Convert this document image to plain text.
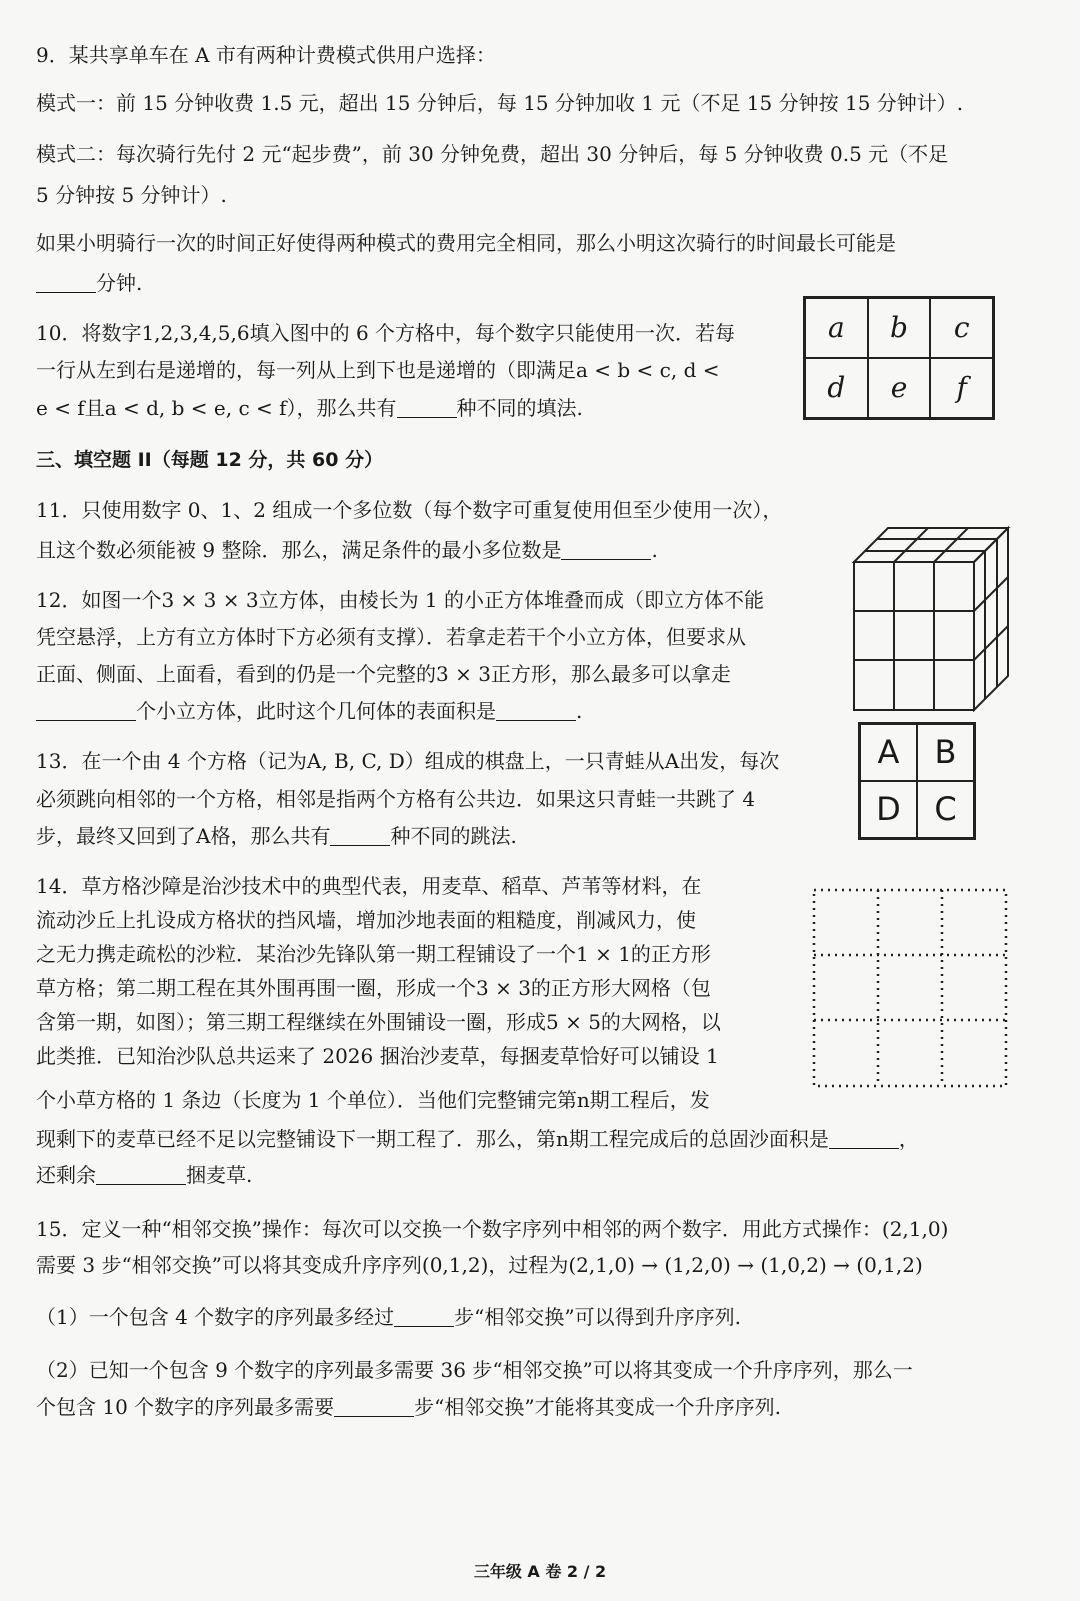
9．某共享单车在 A 市有两种计费模式供用户选择：

模式一：前 15 分钟收费 1.5 元，超出 15 分钟后，每 15 分钟加收 1 元（不足 15 分钟按 15 分钟计）.

模式二：每次骑行先付 2 元“起步费”，前 30 分钟免费，超出 30 分钟后，每 5 分钟收费 0.5 元（不足

5 分钟按 5 分钟计）.

如果小明骑行一次的时间正好使得两种模式的费用完全相同，那么小明这次骑行的时间最长可能是

分钟.

10．将数字1,2,3,4,5,6填入图中的 6 个方格中，每个数字只能使用一次．若每

一行从左到右是递增的，每一列从上到下也是递增的（即满足a < b < c, d <

e < f且a < d, b < e, c < f），那么共有	种不同的填法.

a	b	c
d	e	f

三、填空题 II（每题 12 分，共 60 分）

11．只使用数字 0、1、2 组成一个多位数（每个数字可重复使用但至少使用一次），

且这个数必须能被 9 整除．那么，满足条件的最小多位数是	.

12．如图一个3 × 3 × 3立方体，由棱长为 1 的小正方体堆叠而成（即立方体不能

凭空悬浮，上方有立方体时下方必须有支撑）．若拿走若干个小立方体，但要求从

正面、侧面、上面看，看到的仍是一个完整的3 × 3正方形，那么最多可以拿走

个小立方体，此时这个几何体的表面积是	.

13．在一个由 4 个方格（记为A, B, C, D）组成的棋盘上，一只青蛙从A出发，每次

必须跳向相邻的一个方格，相邻是指两个方格有公共边．如果这只青蛙一共跳了 4

步，最终又回到了A格，那么共有	种不同的跳法.

A	B
D	C

14．草方格沙障是治沙技术中的典型代表，用麦草、稻草、芦苇等材料，在

流动沙丘上扎设成方格状的挡风墙，增加沙地表面的粗糙度，削减风力，使

之无力携走疏松的沙粒．某治沙先锋队第一期工程铺设了一个1 × 1的正方形

草方格；第二期工程在其外围再围一圈，形成一个3 × 3的正方形大网格（包

含第一期，如图）；第三期工程继续在外围铺设一圈，形成5 × 5的大网格，以

此类推．已知治沙队总共运来了 2026 捆治沙麦草，每捆麦草恰好可以铺设 1

个小草方格的 1 条边（长度为 1 个单位）．当他们完整铺完第n期工程后，发

现剩下的麦草已经不足以完整铺设下一期工程了．那么，第n期工程完成后的总固沙面积是	，

还剩余	捆麦草.

15．定义一种“相邻交换”操作：每次可以交换一个数字序列中相邻的两个数字．用此方式操作：(2,1,0)

需要 3 步“相邻交换”可以将其变成升序序列(0,1,2)，过程为(2,1,0) → (1,2,0) → (1,0,2) → (0,1,2)

（1）一个包含 4 个数字的序列最多经过	步“相邻交换”可以得到升序序列.

（2）已知一个包含 9 个数字的序列最多需要 36 步“相邻交换”可以将其变成一个升序序列，那么一

个包含 10 个数字的序列最多需要	步“相邻交换”才能将其变成一个升序序列.

三年级 A 卷 2 / 2
